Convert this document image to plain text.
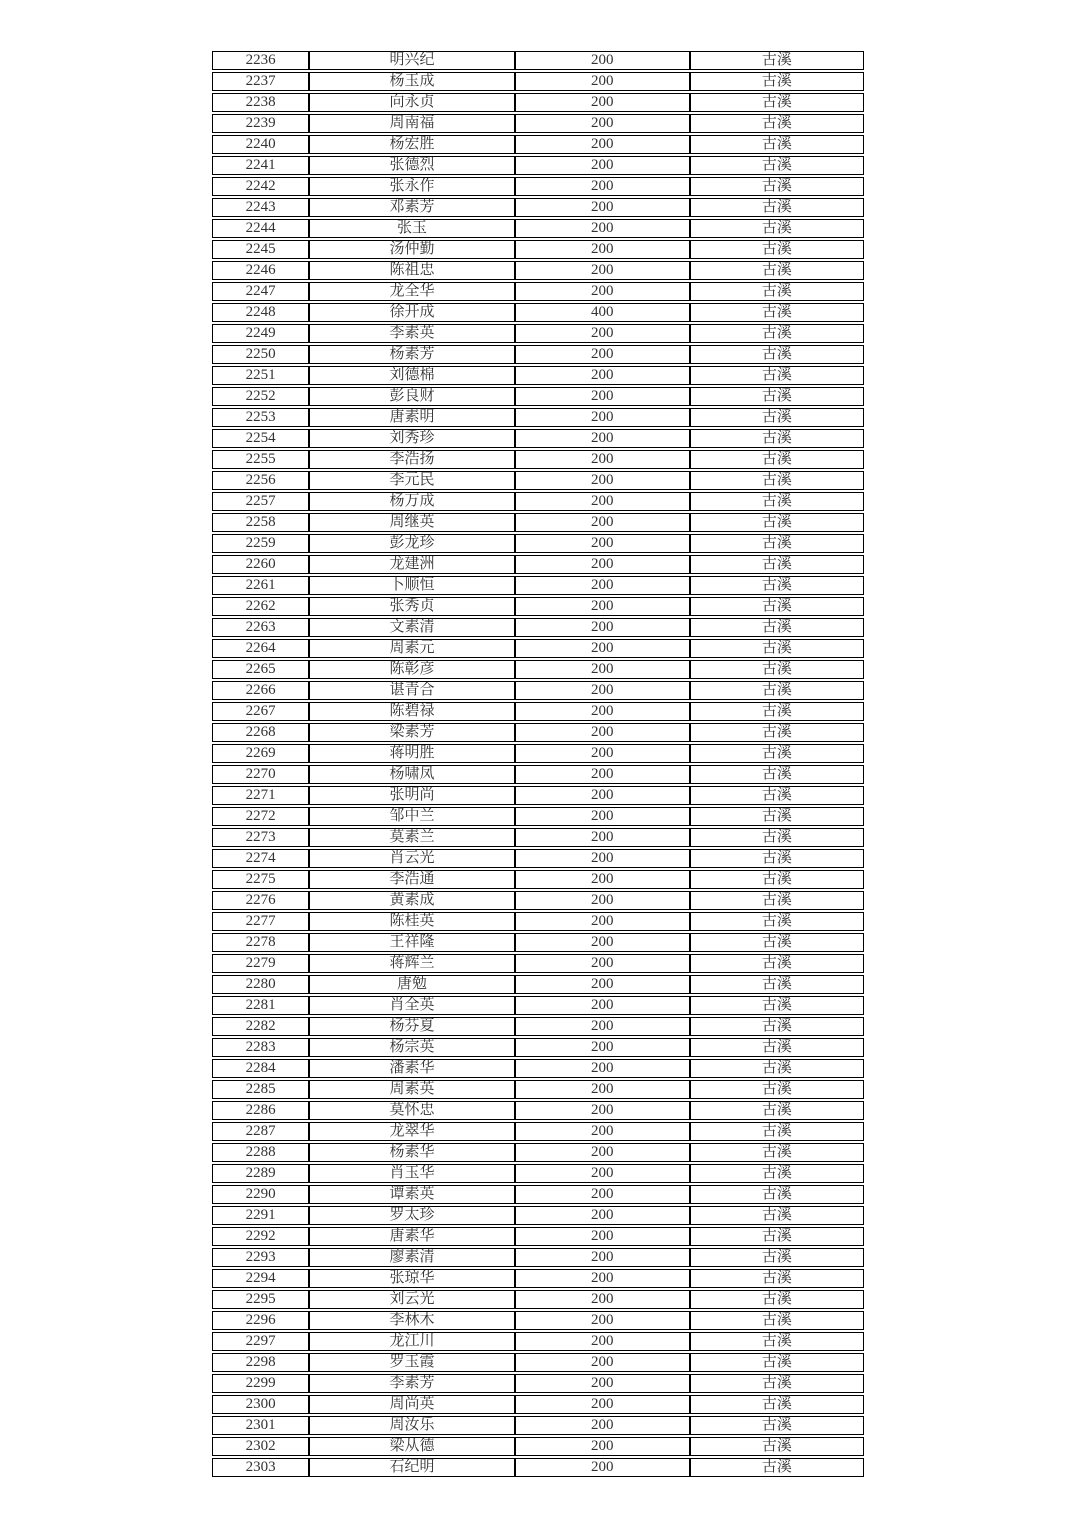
2236	明兴纪	200	古溪
2237	杨玉成	200	古溪
2238	向永贞	200	古溪
2239	周南福	200	古溪
2240	杨宏胜	200	古溪
2241	张德烈	200	古溪
2242	张永作	200	古溪
2243	邓素芳	200	古溪
2244	张玉	200	古溪
2245	汤仲勤	200	古溪
2246	陈祖忠	200	古溪
2247	龙全华	200	古溪
2248	徐开成	400	古溪
2249	李素英	200	古溪
2250	杨素芳	200	古溪
2251	刘德棉	200	古溪
2252	彭良财	200	古溪
2253	唐素明	200	古溪
2254	刘秀珍	200	古溪
2255	李浩扬	200	古溪
2256	李元民	200	古溪
2257	杨万成	200	古溪
2258	周继英	200	古溪
2259	彭龙珍	200	古溪
2260	龙建洲	200	古溪
2261	卜顺恒	200	古溪
2262	张秀贞	200	古溪
2263	文素清	200	古溪
2264	周素元	200	古溪
2265	陈彰彦	200	古溪
2266	谌青合	200	古溪
2267	陈碧禄	200	古溪
2268	梁素芳	200	古溪
2269	蒋明胜	200	古溪
2270	杨啸凤	200	古溪
2271	张明尚	200	古溪
2272	邹中兰	200	古溪
2273	莫素兰	200	古溪
2274	肖云光	200	古溪
2275	李浩通	200	古溪
2276	黄素成	200	古溪
2277	陈桂英	200	古溪
2278	王祥隆	200	古溪
2279	蒋辉兰	200	古溪
2280	唐勉	200	古溪
2281	肖全英	200	古溪
2282	杨芬夏	200	古溪
2283	杨宗英	200	古溪
2284	潘素华	200	古溪
2285	周素英	200	古溪
2286	莫怀忠	200	古溪
2287	龙翠华	200	古溪
2288	杨素华	200	古溪
2289	肖玉华	200	古溪
2290	谭素英	200	古溪
2291	罗太珍	200	古溪
2292	唐素华	200	古溪
2293	廖素清	200	古溪
2294	张琼华	200	古溪
2295	刘云光	200	古溪
2296	李林木	200	古溪
2297	龙江川	200	古溪
2298	罗玉霞	200	古溪
2299	李素芳	200	古溪
2300	周尚英	200	古溪
2301	周汝乐	200	古溪
2302	梁从德	200	古溪
2303	石纪明	200	古溪
